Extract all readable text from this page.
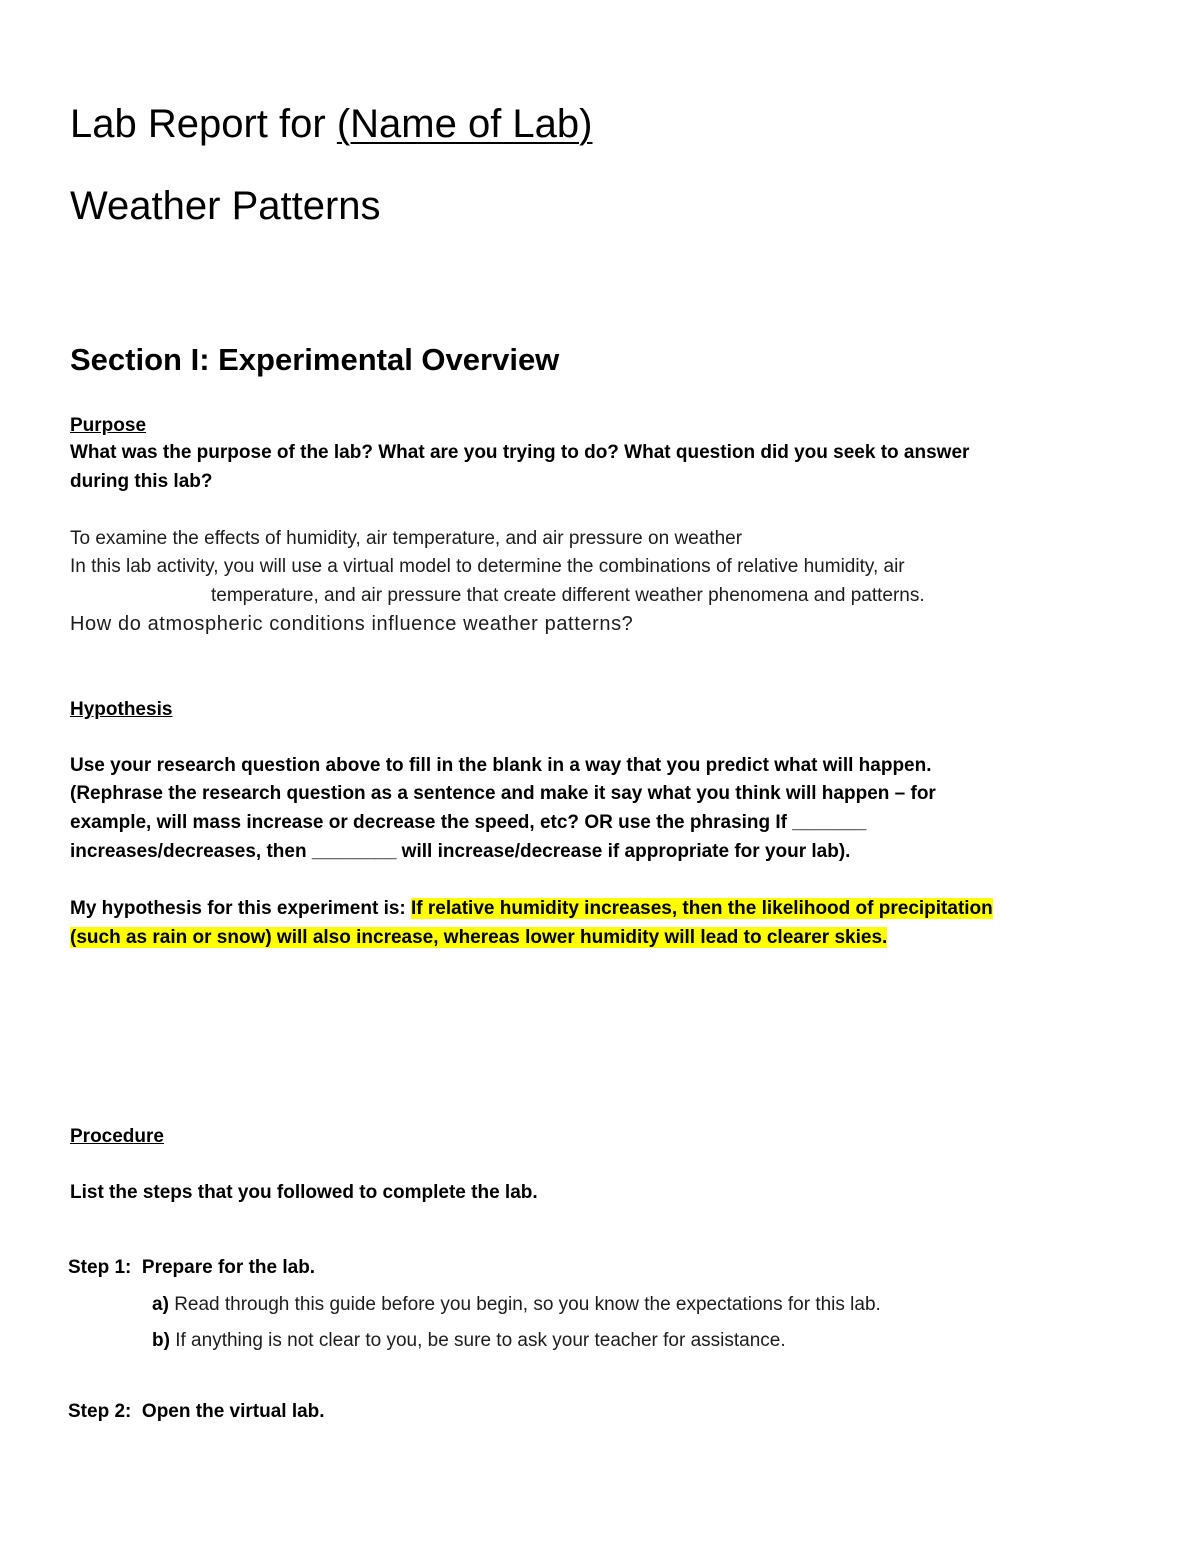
Lab Report for (Name of Lab)
Weather Patterns
Section I: Experimental Overview
Purpose
What was the purpose of the lab? What are you trying to do? What question did you seek to answer
during this lab?
To examine the effects of humidity, air temperature, and air pressure on weather
In this lab activity, you will use a virtual model to determine the combinations of relative humidity, air
temperature, and air pressure that create different weather phenomena and patterns.
How do atmospheric conditions influence weather patterns?
Hypothesis
Use your research question above to fill in the blank in a way that you predict what will happen.
(Rephrase the research question as a sentence and make it say what you think will happen – for
example, will mass increase or decrease the speed, etc? OR use the phrasing If _______
increases/decreases, then ________ will increase/decrease if appropriate for your lab).
My hypothesis for this experiment is: If relative humidity increases, then the likelihood of precipitation
(such as rain or snow) will also increase, whereas lower humidity will lead to clearer skies.
Procedure
List the steps that you followed to complete the lab.
Step 1: Prepare for the lab.
a) Read through this guide before you begin, so you know the expectations for this lab.
b) If anything is not clear to you, be sure to ask your teacher for assistance.
Step 2: Open the virtual lab.
